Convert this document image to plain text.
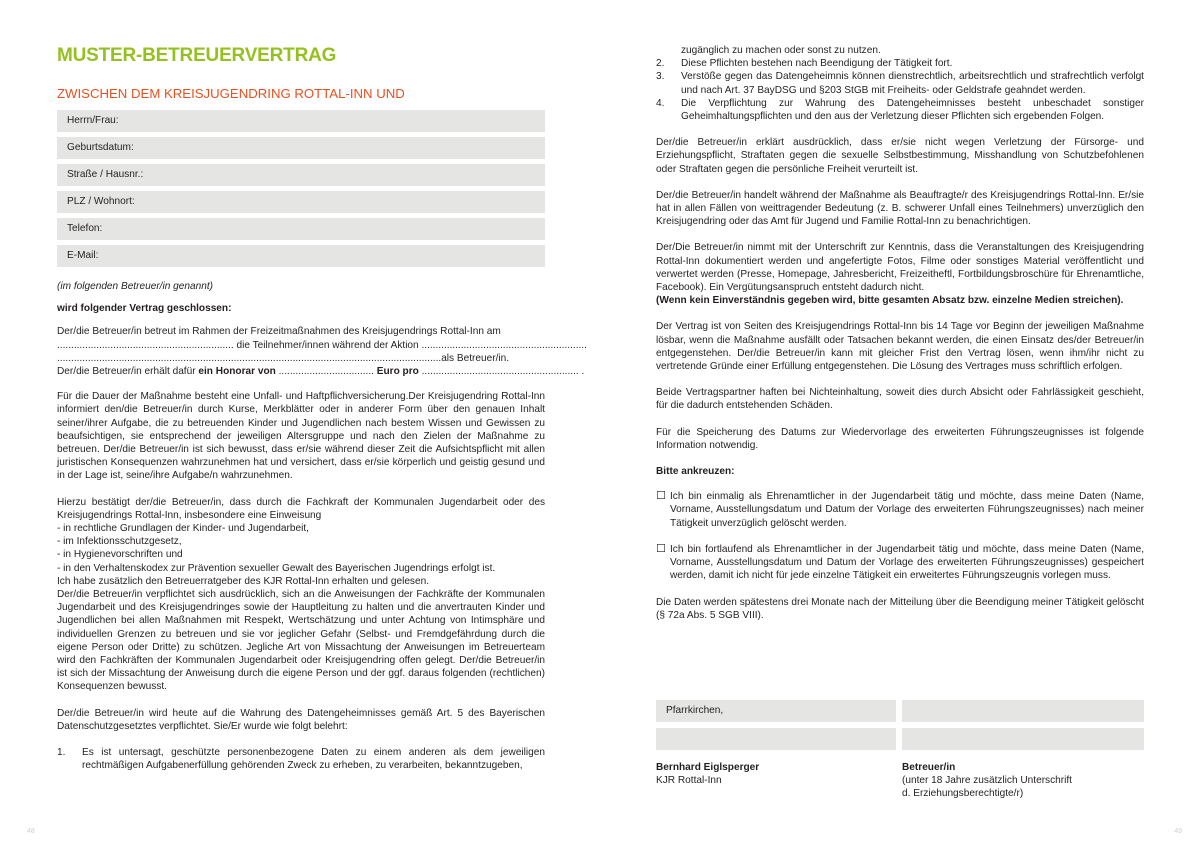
MUSTER-BETREUERVERTRAG
ZWISCHEN DEM KREISJUGENDRING ROTTAL-INN UND
Herrn/Frau:
Geburtsdatum:
Straße / Hausnr.:
PLZ / Wohnort:
Telefon:
E-Mail:

(im folgenden Betreuer/in genannt)

wird folgender Vertrag geschlossen:

Der/die Betreuer/in betreut im Rahmen der Freizeitmaßnahmen des Kreisjugendrings Rottal-Inn am

............................................................... die Teilnehmer/innen während der Aktion ...........................................................

.........................................................................................................................................als Betreuer/in.

Der/die Betreuer/in erhält dafür ein Honorar von .................................. Euro pro ........................................................ .

Für die Dauer der Maßnahme besteht eine Unfall- und Haftpflichversicherung.Der Kreisjugendring Rottal-Inn informiert den/die Betreuer/in durch Kurse, Merkblätter oder in anderer Form über den genauen Inhalt seiner/ihrer Aufgabe, die zu betreuenden Kinder und Jugendlichen nach bestem Wissen und Gewissen zu beaufsichtigen, sie entsprechend der jeweiligen Altersgruppe und nach den Zielen der Maßnahme zu betreuen. Der/die Betreuer/in ist sich bewusst, dass er/sie während dieser Zeit die Aufsichtspflicht mit allen juristischen Konsequenzen wahrzunehmen hat und versichert, dass er/sie körperlich und geistig gesund und in der Lage ist, seine/ihre Aufgabe/n wahrzunehmen.

Hierzu bestätigt der/die Betreuer/in, dass durch die Fachkraft der Kommunalen Jugendarbeit oder des Kreisjugendrings Rottal-Inn, insbesondere eine Einweisung

- in rechtliche Grundlagen der Kinder- und Jugendarbeit,

- im Infektionsschutzgesetz,

- in Hygienevorschriften und

- in den Verhaltenskodex zur Prävention sexueller Gewalt des Bayerischen Jugendrings erfolgt ist.

Ich habe zusätzlich den Betreuerratgeber des KJR Rottal-Inn erhalten und gelesen.

Der/die Betreuer/in verpflichtet sich ausdrücklich, sich an die Anweisungen der Fachkräfte der Kommunalen Jugendarbeit und des Kreisjugendringes sowie der Hauptleitung zu halten und die anvertrauten Kinder und Jugendlichen bei allen Maßnahmen mit Respekt, Wertschätzung und unter Achtung von Intimsphäre und individuellen Grenzen zu betreuen und sie vor jeglicher Gefahr (Selbst- und Fremdgefährdung durch die eigene Person oder Dritte) zu schützen. Jegliche Art von Missachtung der Anweisungen im Betreuerteam wird den Fachkräften der Kommunalen Jugendarbeit oder Kreisjugendring offen gelegt. Der/die Betreuer/in ist sich der Missachtung der Anweisung durch die eigene Person und der ggf. daraus folgenden (rechtlichen) Konsequenzen bewusst.

Der/die Betreuer/in wird heute auf die Wahrung des Datengeheimnisses gemäß Art. 5 des Bayerischen Datenschutzgesetztes verpflichtet. Sie/Er wurde wie folgt belehrt:

1.	Es ist untersagt, geschützte personenbezogene Daten zu einem anderen als dem jeweiligen rechtmäßigen Aufgabenerfüllung gehörenden Zweck zu erheben, zu verarbeiten, bekanntzugeben,
48
zugänglich zu machen oder sonst zu nutzen.
2.	Diese Pflichten bestehen nach Beendigung der Tätigkeit fort.
3.	Verstöße gegen das Datengeheimnis können dienstrechtlich, arbeitsrechtlich und strafrechtlich verfolgt und nach Art. 37 BayDSG und §203 StGB mit Freiheits- oder Geldstrafe geahndet werden.
4.	Die Verpflichtung zur Wahrung des Datengeheimnisses besteht unbeschadet sonstiger Geheimhaltungspflichten und den aus der Verletzung dieser Pflichten sich ergebenden Folgen.

Der/die Betreuer/in erklärt ausdrücklich, dass er/sie nicht wegen Verletzung der Fürsorge- und Erziehungspflicht, Straftaten gegen die sexuelle Selbstbestimmung, Misshandlung von Schutzbefohlenen oder Straftaten gegen die persönliche Freiheit verurteilt ist.

Der/die Betreuer/in handelt während der Maßnahme als Beauftragte/r des Kreisjugendrings Rottal-Inn. Er/sie hat in allen Fällen von weittragender Bedeutung (z. B. schwerer Unfall eines Teilnehmers) unverzüglich den Kreisjugendring oder das Amt für Jugend und Familie Rottal-Inn zu benachrichtigen.

Der/Die Betreuer/in nimmt mit der Unterschrift zur Kenntnis, dass die Veranstaltungen des Kreisjugendring Rottal-Inn dokumentiert werden und angefertigte Fotos, Filme oder sonstiges Material veröffentlicht und verwertet werden (Presse, Homepage, Jahresbericht, Freizeitheftl, Fortbildungsbroschüre für Ehrenamtliche, Facebook). Ein Vergütungsanspruch entsteht dadurch nicht.

(Wenn kein Einverständnis gegeben wird, bitte gesamten Absatz bzw. einzelne Medien streichen).

Der Vertrag ist von Seiten des Kreisjugendrings Rottal-Inn bis 14 Tage vor Beginn der jeweiligen Maßnahme lösbar, wenn die Maßnahme ausfällt oder Tatsachen bekannt werden, die einen Einsatz des/der Betreuer/in entgegenstehen. Der/die Betreuer/in kann mit gleicher Frist den Vertrag lösen, wenn ihm/ihr nicht zu vertretende Gründe einer Erfüllung entgegenstehen. Die Lösung des Vertrages muss schriftlich erfolgen.

Beide Vertragspartner haften bei Nichteinhaltung, soweit dies durch Absicht oder Fahrlässigkeit geschieht, für die dadurch entstehenden Schäden.

Für die Speicherung des Datums zur Wiedervorlage des erweiterten Führungszeugnisses ist folgende Information notwendig.

Bitte ankreuzen:

☐ Ich bin einmalig als Ehrenamtlicher in der Jugendarbeit tätig und möchte, dass meine Daten (Name, Vorname, Ausstellungsdatum und Datum der Vorlage des erweiterten Führungszeugnisses) nach meiner Tätigkeit unverzüglich gelöscht werden.
☐ Ich bin fortlaufend als Ehrenamtlicher in der Jugendarbeit tätig und möchte, dass meine Daten (Name, Vorname, Ausstellungsdatum und Datum der Vorlage des erweiterten Führungszeugnisses) gespeichert werden, damit ich nicht für jede einzelne Tätigkeit ein erweitertes Führungszeugnis vorlegen muss.

Die Daten werden spätestens drei Monate nach der Mitteilung über die Beendigung meiner Tätigkeit gelöscht (§ 72a Abs. 5 SGB VIII).

Pfarrkirchen,
Bernhard Eiglsperger
KJR Rottal-Inn
Betreuer/in
(unter 18 Jahre zusätzlich Unterschrift
d. Erziehungsberechtigte/r)
49
